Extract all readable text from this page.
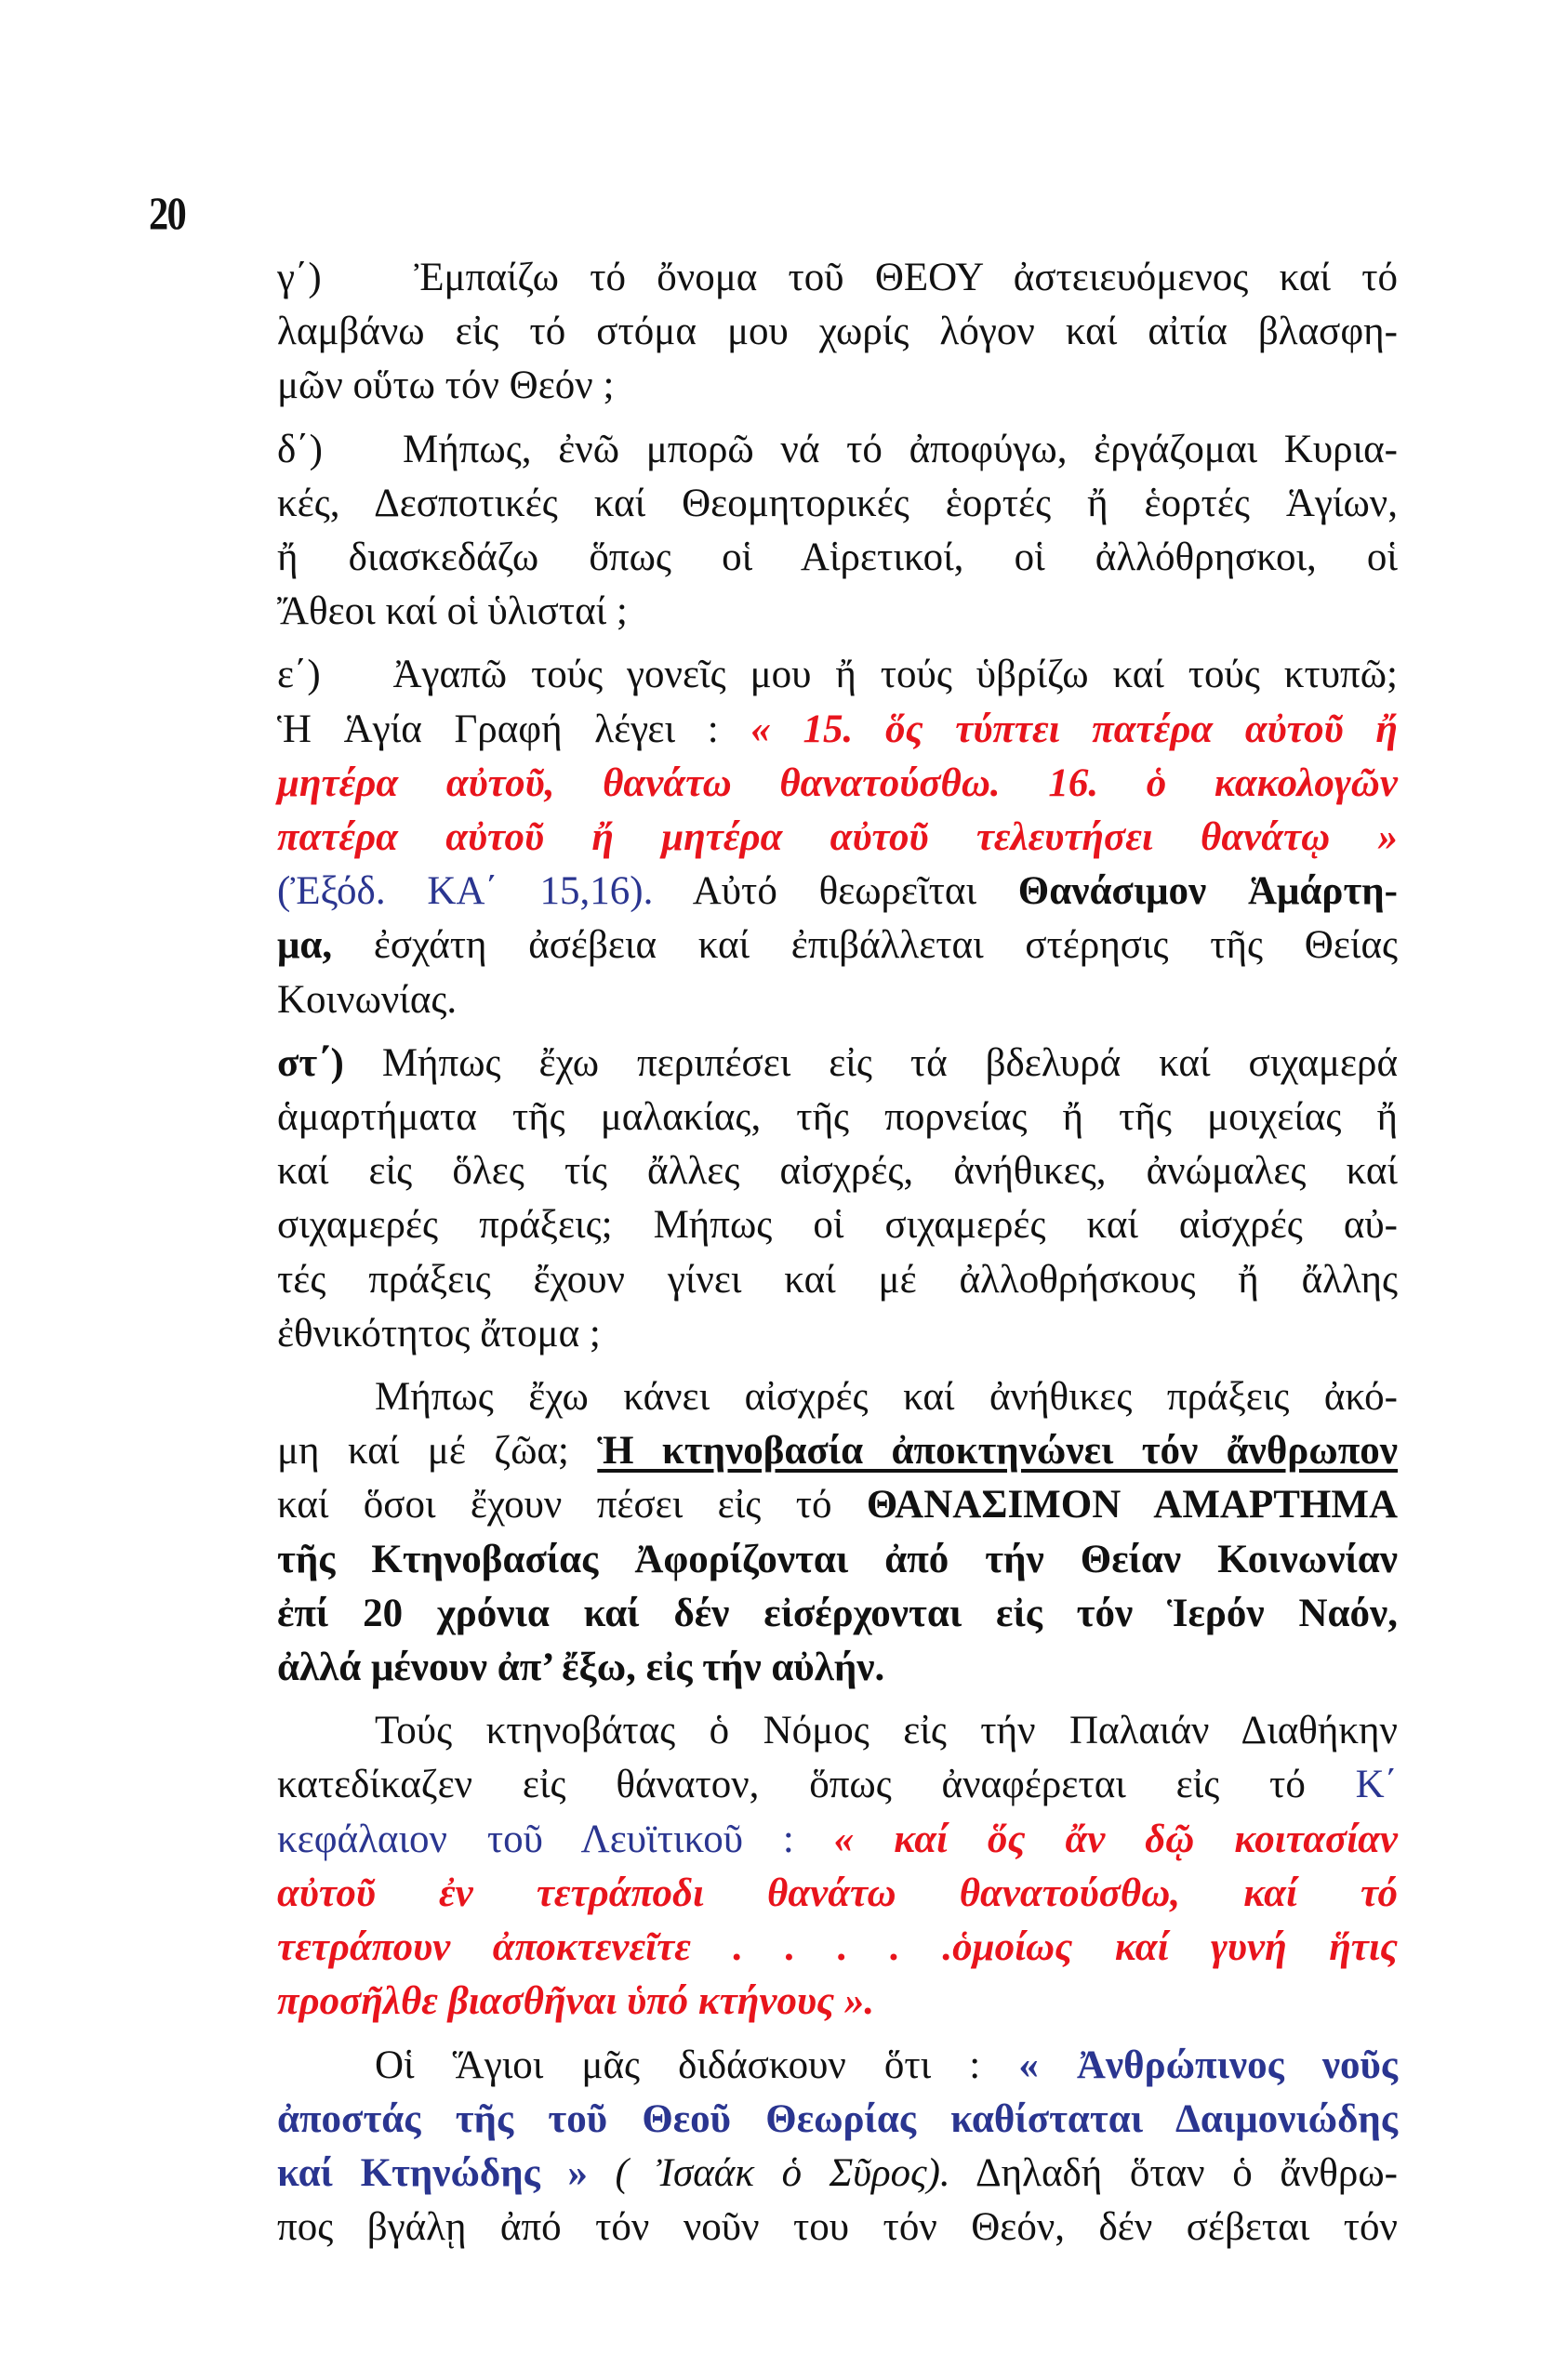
20
γ΄) Ἐμπαίζω τό ὄνομα τοῦ ΘΕΟΥ ἀστειευόμενος καί τό
λαμβάνω εἰς τό στόμα μου χωρίς λόγον καί αἰτία βλασφη-
μῶν οὕτω τόν Θεόν ;
δ΄) Μήπως, ἐνῶ μπορῶ νά τό ἀποφύγω, ἐργάζομαι Κυρια-
κές, Δεσποτικές καί Θεομητορικές ἑορτές ἤ ἑορτές Ἁγίων,
ἤ διασκεδάζω ὅπως οἱ Αἱρετικοί, οἱ ἀλλόθρησκοι, οἱ
Ἄθεοι καί οἱ ὑλισταί ;
ε΄) Ἀγαπῶ τούς γονεῖς μου ἤ τούς ὑβρίζω καί τούς κτυπῶ;
Ἡ Ἁγία Γραφή λέγει : « 15. ὅς τύπτει πατέρα αὐτοῦ ἤ
μητέρα αὐτοῦ, θανάτω θανατούσθω. 16. ὁ κακολογῶν
πατέρα αὐτοῦ ἤ μητέρα αὐτοῦ τελευτήσει θανάτῳ »
(Ἐξόδ. ΚΑ΄ 15,16). Αὐτό θεωρεῖται Θανάσιμον Ἁμάρτη-
μα, ἐσχάτη ἀσέβεια καί ἐπιβάλλεται στέρησις τῆς Θείας
Κοινωνίας.
στ΄) Μήπως ἔχω περιπέσει εἰς τά βδελυρά καί σιχαμερά
ἁμαρτήματα τῆς μαλακίας, τῆς πορνείας ἤ τῆς μοιχείας ἤ
καί εἰς ὅλες τίς ἄλλες αἰσχρές, ἀνήθικες, ἀνώμαλες καί
σιχαμερές πράξεις; Μήπως οἱ σιχαμερές καί αἰσχρές αὐ-
τές πράξεις ἔχουν γίνει καί μέ ἀλλοθρήσκους ἤ ἄλλης
ἐθνικότητος ἄτομα ;
Μήπως ἔχω κάνει αἰσχρές καί ἀνήθικες πράξεις ἀκό-
μη καί μέ ζῶα; Ἡ κτηνοβασία ἀποκτηνώνει τόν ἄνθρωπον
καί ὅσοι ἔχουν πέσει εἰς τό ΘΑΝΑΣΙΜΟΝ ΑΜΑΡΤΗΜΑ
τῆς Κτηνοβασίας Ἀφορίζονται ἀπό τήν Θείαν Κοινωνίαν
ἐπί 20 χρόνια καί δέν εἰσέρχονται εἰς τόν Ἱερόν Ναόν,
ἀλλά μένουν ἀπ’ ἔξω, εἰς τήν αὐλήν.
Τούς κτηνοβάτας ὁ Νόμος εἰς τήν Παλαιάν Διαθήκην
κατεδίκαζεν εἰς θάνατον, ὅπως ἀναφέρεται εἰς τό Κ΄
κεφάλαιον τοῦ Λευϊτικοῦ : « καί ὅς ἄν δῷ κοιτασίαν
αὐτοῦ ἐν τετράποδι θανάτω θανατούσθω, καί τό
τετράπουν ἀποκτενεῖτε . . . . .ὁμοίως καί γυνή ἥτις
προσῆλθε βιασθῆναι ὑπό κτήνους ».
Οἱ Ἅγιοι μᾶς διδάσκουν ὅτι : « Ἀνθρώπινος νοῦς
ἀποστάς τῆς τοῦ Θεοῦ Θεωρίας καθίσταται Δαιμονιώδης
καί Κτηνώδης » ( Ἰσαάκ ὁ Σῦρος). Δηλαδή ὅταν ὁ ἄνθρω-
πος βγάλῃ ἀπό τόν νοῦν του τόν Θεόν, δέν σέβεται τόν
